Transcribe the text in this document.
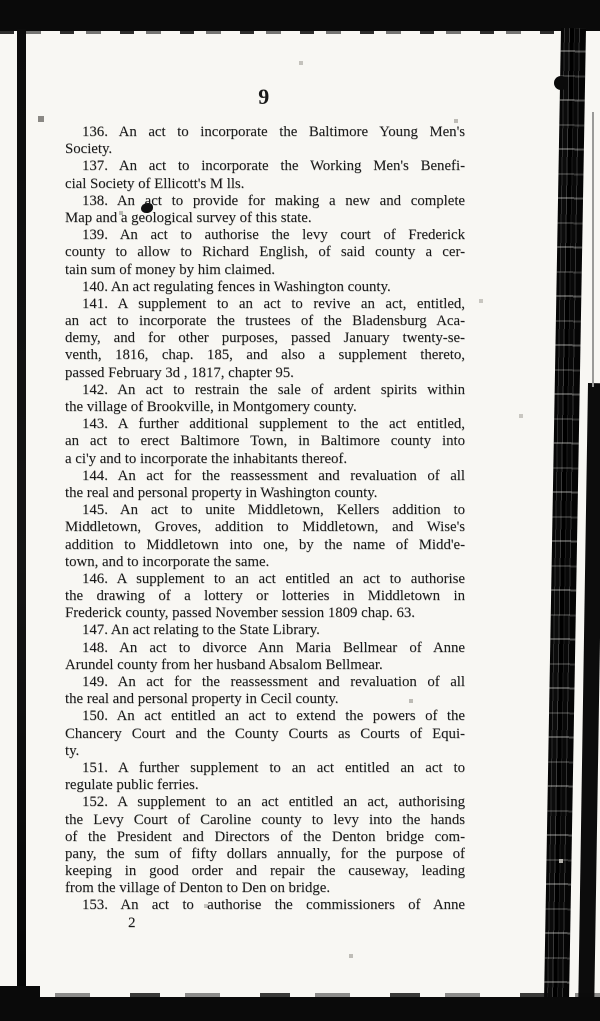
9
136. An act to incorporate the Baltimore Young Men's
Society.
137. An act to incorporate the Working Men's Benefi-
cial Society of Ellicott's M lls.
138. An act to provide for making a new and complete
Map and a geological survey of this state.
139. An act to authorise the levy court of Frederick
county to allow to Richard English, of said county a cer-
tain sum of money by him claimed.
140. An act regulating fences in Washington county.
141. A supplement to an act to revive an act, entitled,
an act to incorporate the trustees of the Bladensburg Aca-
demy, and for other purposes, passed January twenty-se-
venth, 1816, chap. 185, and also a supplement thereto,
passed February 3d , 1817, chapter 95.
142. An act to restrain the sale of ardent spirits within
the village of Brookville, in Montgomery county.
143. A further additional supplement to the act entitled,
an act to erect Baltimore Town, in Baltimore county into
a ci'y and to incorporate the inhabitants thereof.
144. An act for the reassessment and revaluation of all
the real and personal property in Washington county.
145. An act to unite Middletown, Kellers addition to
Middletown, Groves, addition to Middletown, and Wise's
addition to Middletown into one, by the name of Midd'e-
town, and to incorporate the same.
146. A supplement to an act entitled an act to authorise
the drawing of a lottery or lotteries in Middletown in
Frederick county, passed November session 1809 chap. 63.
147. An act relating to the State Library.
148. An act to divorce Ann Maria Bellmear of Anne
Arundel county from her husband Absalom Bellmear.
149. An act for the reassessment and revaluation of all
the real and personal property in Cecil county.
150. An act entitled an act to extend the powers of the
Chancery Court and the County Courts as Courts of Equi-
ty.
151. A further supplement to an act entitled an act to
regulate public ferries.
152. A supplement to an act entitled an act, authorising
the Levy Court of Caroline county to levy into the hands
of the President and Directors of the Denton bridge com-
pany, the sum of fifty dollars annually, for the purpose of
keeping in good order and repair the causeway, leading
from the village of Denton to Den on bridge.
153. An act to authorise the commissioners of Anne
2
